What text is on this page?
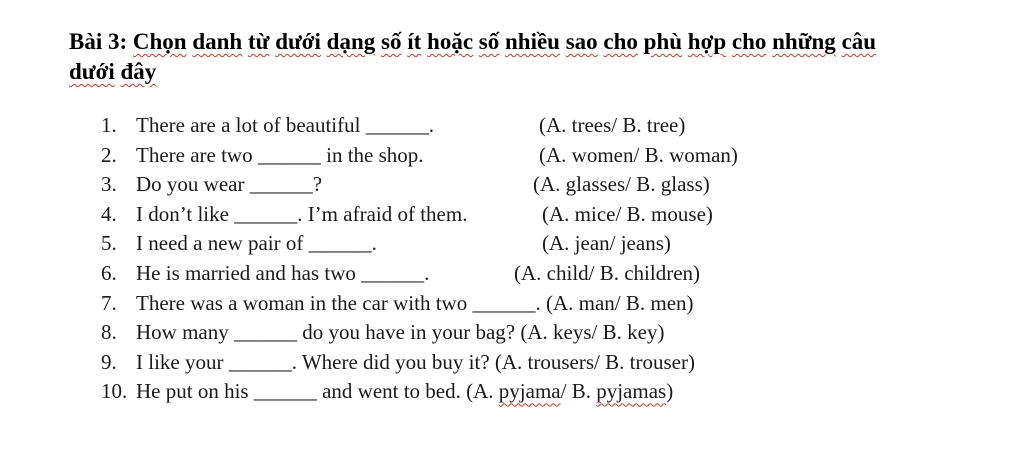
Bài 3: Chọn danh từ dưới dạng số ít hoặc số nhiều sao cho phù hợp cho những câu
dưới đây
1. There are a lot of beautiful ______.	(A. trees/ B. tree)
2. There are two ______ in the shop.	(A. women/ B. woman)
3. Do you wear ______?	(A. glasses/ B. glass)
4. I don’t like ______. I’m afraid of them.	(A. mice/ B. mouse)
5. I need a new pair of ______.	(A. jean/ jeans)
6. He is married and has two ______.	(A. child/ B. children)
7. There was a woman in the car with two ______. (A. man/ B. men)
8. How many ______ do you have in your bag? (A. keys/ B. key)
9. I like your ______. Where did you buy it? (A. trousers/ B. trouser)
10. He put on his ______ and went to bed. (A. pyjama/ B. pyjamas)
